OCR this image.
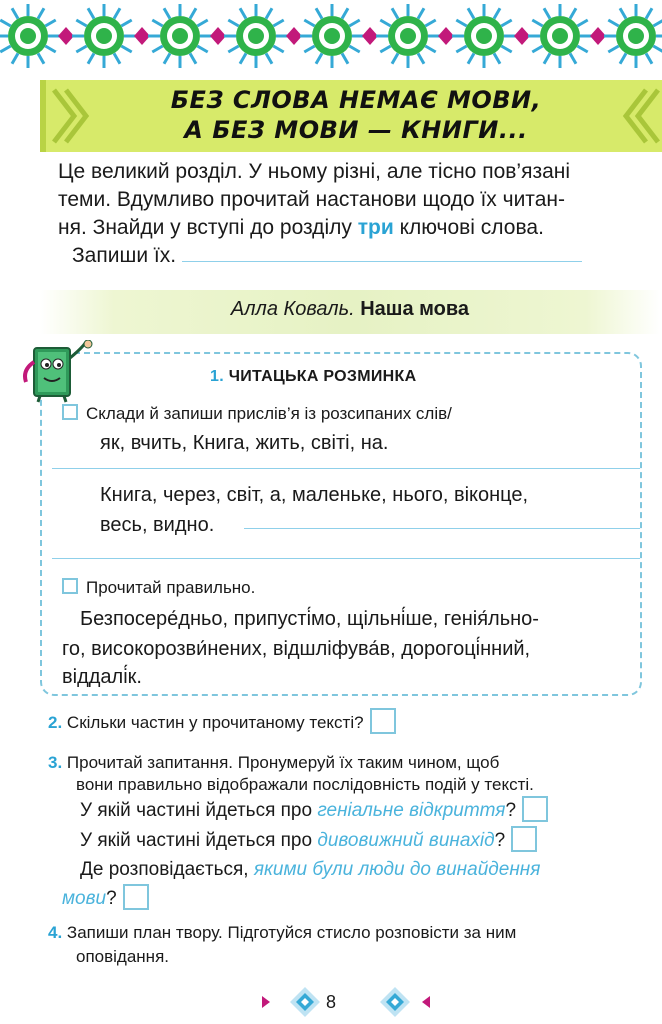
БЕЗ СЛОВА НЕМАЄ МОВИ,
А БЕЗ МОВИ — КНИГИ...

Це великий розділ. У ньому різні, але тісно пов’язані

теми. Вдумливо прочитай настанови щодо їх читан-

ня. Знайди у вступі до розділу три ключові слова.

Запиши їх.

Алла Коваль. Наша мова
1. ЧИТАЦЬКА РОЗМИНКА
Склади й запиши прислів’я із розсипаних слів/
як, вчить, Книга, жить, світі, на.
Книга, через, світ, а, маленьке, нього, віконце,
весь, видно.
Прочитай правильно.
Безпосере́дньо, припусті́мо, щільні́ше, генія́льно-
го, високорозви́нених, відшліфува́в, дорогоці́нний,
віддалі́к.
2. Скільки частин у прочитаному тексті?
3. Прочитай запитання. Пронумеруй їх таким чином, щоб
вони правильно відображали послідовність подій у тексті.
У якій частині йдеться про геніальне відкриття?
У якій частині йдеться про дивовижний винахід?
Де розповідається, якими були люди до винайдення
мови?
4. Запиши план твору. Підготуйся стисло розповісти за ним
оповідання.
8
